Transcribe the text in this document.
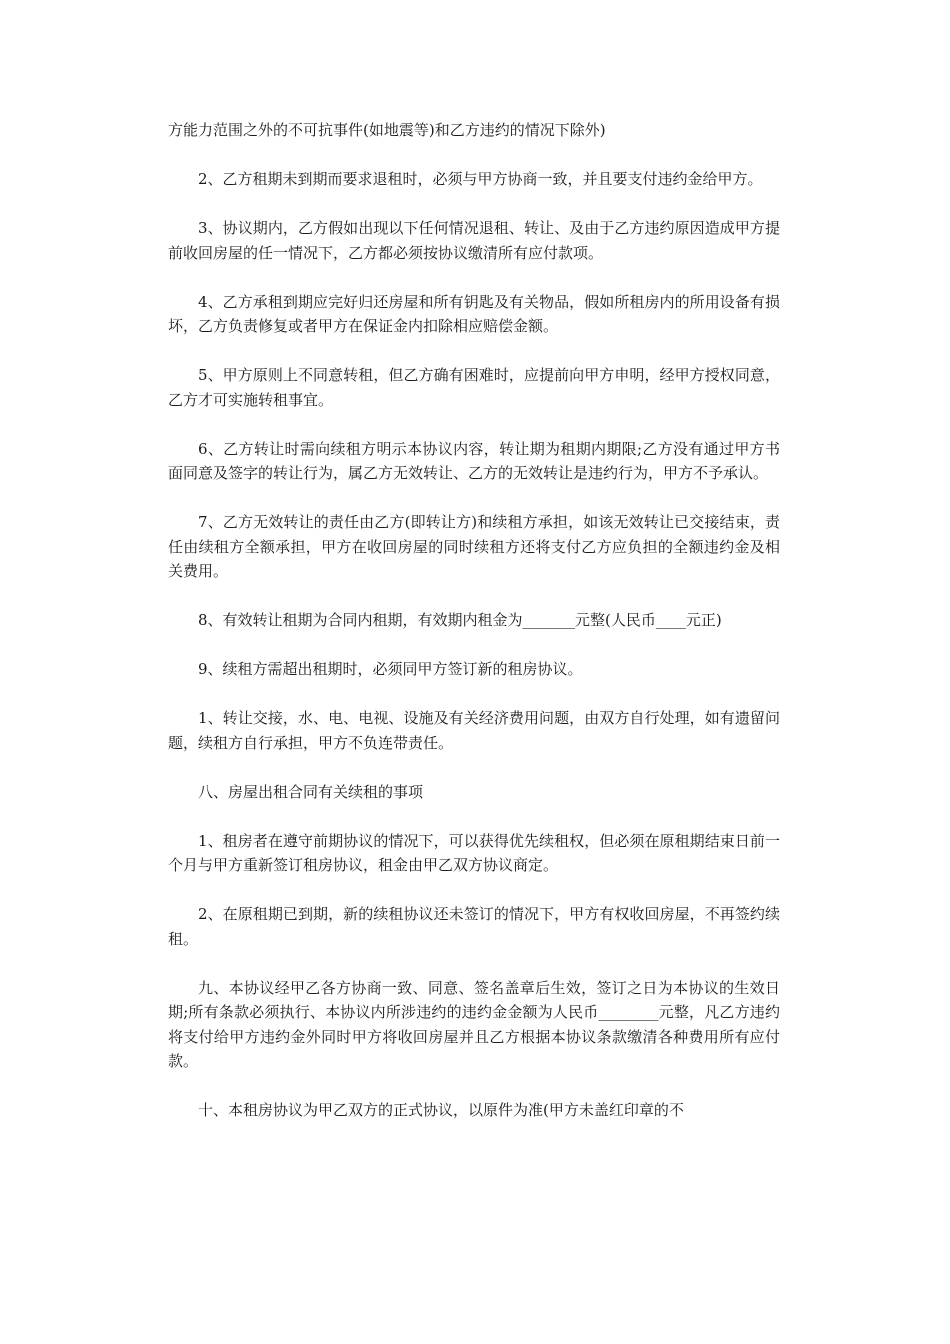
方能力范围之外的不可抗事件(如地震等)和乙方违约的情况下除外)

2、乙方租期未到期而要求退租时，必须与甲方协商一致，并且要支付违约金给甲方。

3、协议期内，乙方假如出现以下任何情况退租、转让、及由于乙方违约原因造成甲方提前收回房屋的任一情况下，乙方都必须按协议缴清所有应付款项。

4、乙方承租到期应完好归还房屋和所有钥匙及有关物品，假如所租房内的所用设备有损坏，乙方负责修复或者甲方在保证金内扣除相应赔偿金额。

5、甲方原则上不同意转租，但乙方确有困难时，应提前向甲方申明，经甲方授权同意，乙方才可实施转租事宜。

6、乙方转让时需向续租方明示本协议内容，转让期为租期内期限;乙方没有通过甲方书面同意及签字的转让行为，属乙方无效转让、乙方的无效转让是违约行为，甲方不予承认。

7、乙方无效转让的责任由乙方(即转让方)和续租方承担，如该无效转让已交接结束，责任由续租方全额承担，甲方在收回房屋的同时续租方还将支付乙方应负担的全额违约金及相关费用。

8、有效转让租期为合同内租期，有效期内租金为_______元整(人民币____元正)

9、续租方需超出租期时，必须同甲方签订新的租房协议。

1、转让交接，水、电、电视、设施及有关经济费用问题，由双方自行处理，如有遗留问题，续租方自行承担，甲方不负连带责任。

八、房屋出租合同有关续租的事项

1、租房者在遵守前期协议的情况下，可以获得优先续租权，但必须在原租期结束日前一个月与甲方重新签订租房协议，租金由甲乙双方协议商定。

2、在原租期已到期，新的续租协议还未签订的情况下，甲方有权收回房屋，不再签约续租。

九、本协议经甲乙各方协商一致、同意、签名盖章后生效，签订之日为本协议的生效日期;所有条款必须执行、本协议内所涉违约的违约金金额为人民币________元整，凡乙方违约将支付给甲方违约金外同时甲方将收回房屋并且乙方根据本协议条款缴清各种费用所有应付款。

十、本租房协议为甲乙双方的正式协议，以原件为准(甲方未盖红印章的不
